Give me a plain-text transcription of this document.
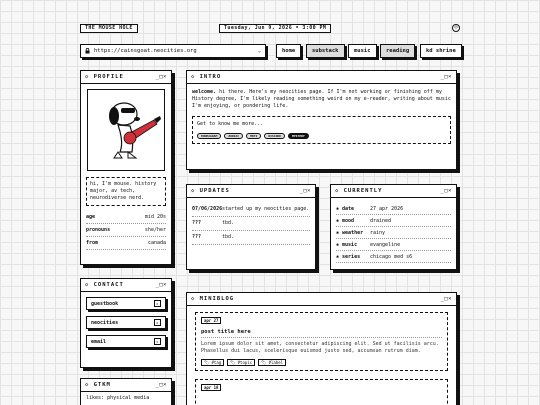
THE MOUSE HOLE	Tuesday, Jun 9, 2026 • 3:00 PM	☺
https://cainsgoat.neocities.org	⌄	home	substack	music	reading	kd shrine
◇ PROFILE	_□×
hi, I'm mouse. history major, av tech, neurodiverse nerd.
age	mid 20s
pronouns	she/her
from	canada
◇ INTRO	_□×
welcome. hi there. Here's my neocities page. If I'm not working or finishing off my History degree, I'm likely reading something weird on my e-reader, writing about music I'm enjoying, or pondering life.
Get to know me more...
ENNEAGRAM	ZODIAC	MBTI	DISCORD	MYSTERY
◇ UPDATES	_□×
07/06/2026 started up my neocities page.
???	tbd.
???	tbd.
◇ CURRENTLY	_□×
❀ date	27 apr 2026
❀ mood	drained
❀ weather	rainy
❀ music	evangeline
❀ series	chicago med s6
◇ CONTACT	_□×
guestbook	▸
neocities	▸
email	▸
◇ GTKM	_□×
likes: physical media
◇ MINIBLOG	_□×
apr 27
post title here
Lorem ipsum dolor sit amet, consectetur adipiscing elit. Sed ut facilisis arcu. Phasellus dui lacus, scelerisque euismod justo sed, accumsan rutrum diam.
🏷 #tag	🏷 #topic	🏷 #label
apr 18
